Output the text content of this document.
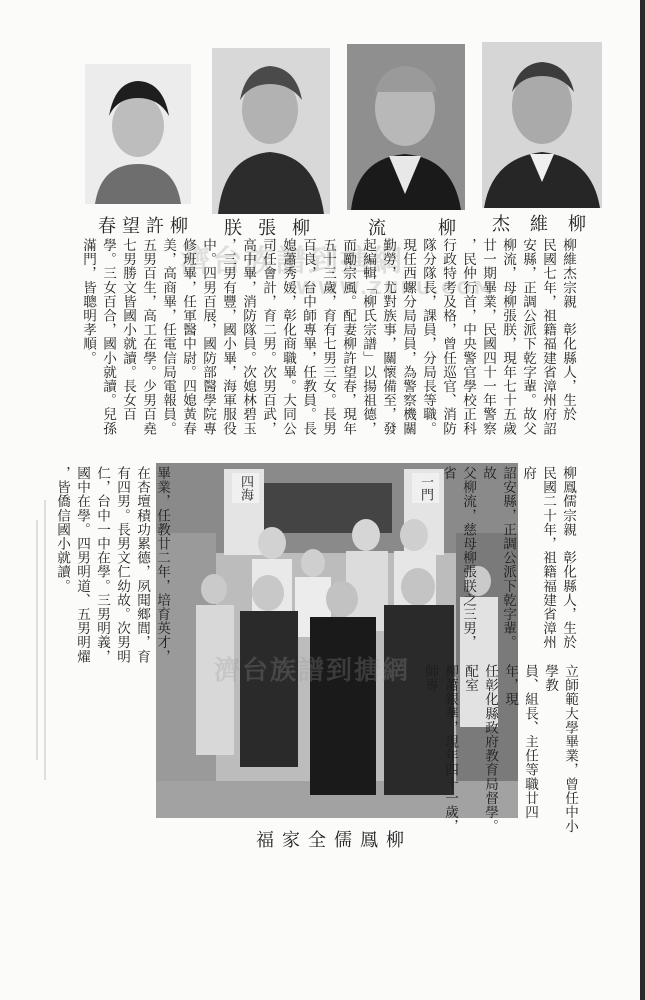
柳許望春 柳張朕 柳流
柳維杰
濟台族譜到搪網
WWW.ZUPU.COM	柳維杰宗親　彰化縣人，生於
民國七年，祖籍福建省漳州府詔
安縣，正調公派下乾字輩。故父
柳流，母柳張朕，現年七十五歲
廿一期畢業，民國四十一年警察
，民仲行首，中央警官學校正科
行政特考及格，曾任巡官、消防
隊分隊長，課員，分局長等職。
現任西螺分局局員，為警察機關
勤勞，尤對族事，關懷備至，發
起編輯「柳氏宗譜」以揚祖德，
而勵宗風。配妻柳許望春，現年
五十三歲，育有七男三女。長男
百良，台中師專畢，任教員。長
媳蕭秀媛，彰化商職畢。大同公
司任會計，育二男。次男百武，
高中畢，消防隊員。次媳林碧玉
，三男有豐，國小畢，海軍服役
中。四男百展，國防部醫學院專
修班畢，任軍醫中尉。四媳黃春
美，高商畢，任電信局電報員。
五男百生，高工在學。少男百堯
七男勝文皆國小就讀。長女百
學。三女百合，國小就讀。兒孫
滿門，皆聰明孝順。
四海	一門
濟台族譜到搪網
柳鳳儒宗親　彰化縣人，生於
民國二十年，祖籍福建省漳州府
詔安縣，正調公派下乾字輩。故
父柳流，慈母柳張朕之三男，省
立師範大學畢業，曾任中小學教
員、組長、主任等職廿四年，現
任彰化縣政府教育局督學。配室
柳蕭銀華，現年四十一歲，師專
畢業，任教廿二年，培育英才，
在杏壇積功累德，夙聞鄉閭，育
有四男。長男文仁幼故。次男明
仁，台中一中在學。三男明義，
國中在學。四男明道、五男明燿
，皆僑信國小就讀。
柳鳳儒全家福
